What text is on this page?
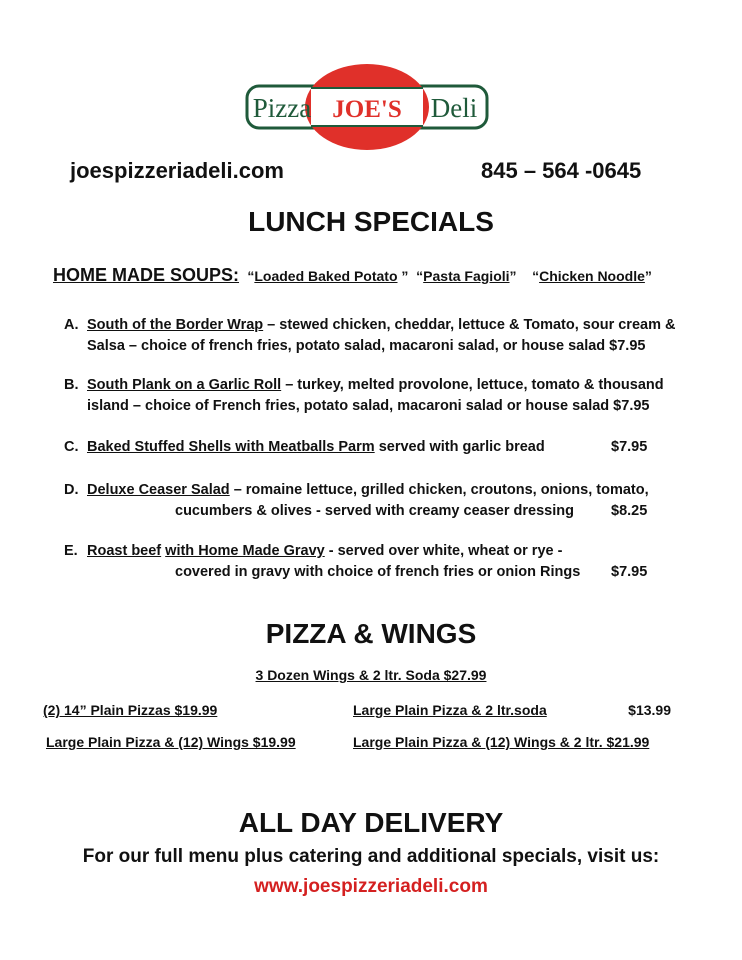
Pizza JOE'S Deli
joespizzeriadeli.com	845 – 564 -0645
LUNCH SPECIALS
HOME MADE SOUPS:  “Loaded Baked Potato ”  “Pasta Fagioli”    “Chicken Noodle”
A. South of the Border Wrap – stewed chicken, cheddar, lettuce & Tomato, sour cream &
Salsa – choice of french fries, potato salad, macaroni salad, or house salad $7.95
B. South Plank on a Garlic Roll – turkey, melted provolone, lettuce, tomato & thousand
island – choice of French fries, potato salad, macaroni salad or house salad $7.95
C. Baked Stuffed Shells with Meatballs Parm served with garlic bread	$7.95
D. Deluxe Ceaser Salad – romaine lettuce, grilled chicken, croutons, onions, tomato,
cucumbers & olives - served with creamy ceaser dressing	$8.25
E. Roast beef with Home Made Gravy - served over white, wheat or rye -
covered in gravy with choice of french fries or onion Rings $7.95
PIZZA & WINGS
3 Dozen Wings & 2 ltr. Soda $27.99
(2) 14” Plain Pizzas $19.99	Large Plain Pizza & 2 ltr.soda	$13.99
Large Plain Pizza & (12) Wings $19.99	Large Plain Pizza & (12) Wings & 2 ltr. $21.99
ALL DAY DELIVERY
For our full menu plus catering and additional specials, visit us:
www.joespizzeriadeli.com
